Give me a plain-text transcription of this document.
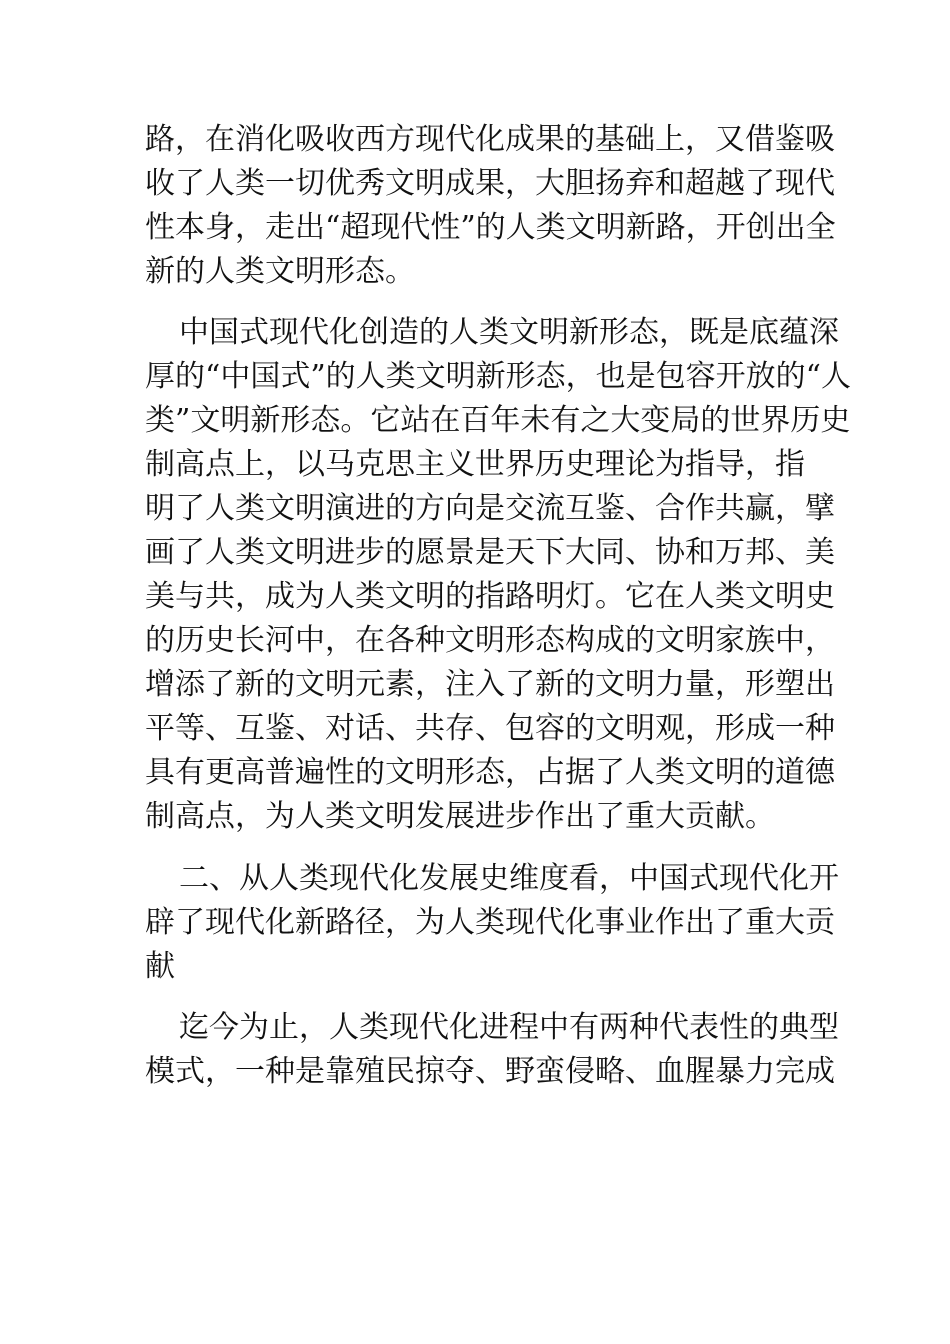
路，在消化吸收西方现代化成果的基础上，又借鉴吸
收了人类一切优秀文明成果，大胆扬弃和超越了现代
性本身，走出“超现代性”的人类文明新路，开创出全
新的人类文明形态。
中国式现代化创造的人类文明新形态，既是底蕴深
厚的“中国式”的人类文明新形态，也是包容开放的“人
类”文明新形态。它站在百年未有之大变局的世界历史
制高点上，以马克思主义世界历史理论为指导，指
明了人类文明演进的方向是交流互鉴、合作共赢，擘
画了人类文明进步的愿景是天下大同、协和万邦、美
美与共，成为人类文明的指路明灯。它在人类文明史
的历史长河中，在各种文明形态构成的文明家族中，
增添了新的文明元素，注入了新的文明力量，形塑出
平等、互鉴、对话、共存、包容的文明观，形成一种
具有更高普遍性的文明形态，占据了人类文明的道德
制高点，为人类文明发展进步作出了重大贡献。
二、从人类现代化发展史维度看，中国式现代化开
辟了现代化新路径，为人类现代化事业作出了重大贡
献
迄今为止，人类现代化进程中有两种代表性的典型
模式，一种是靠殖民掠夺、野蛮侵略、血腥暴力完成
